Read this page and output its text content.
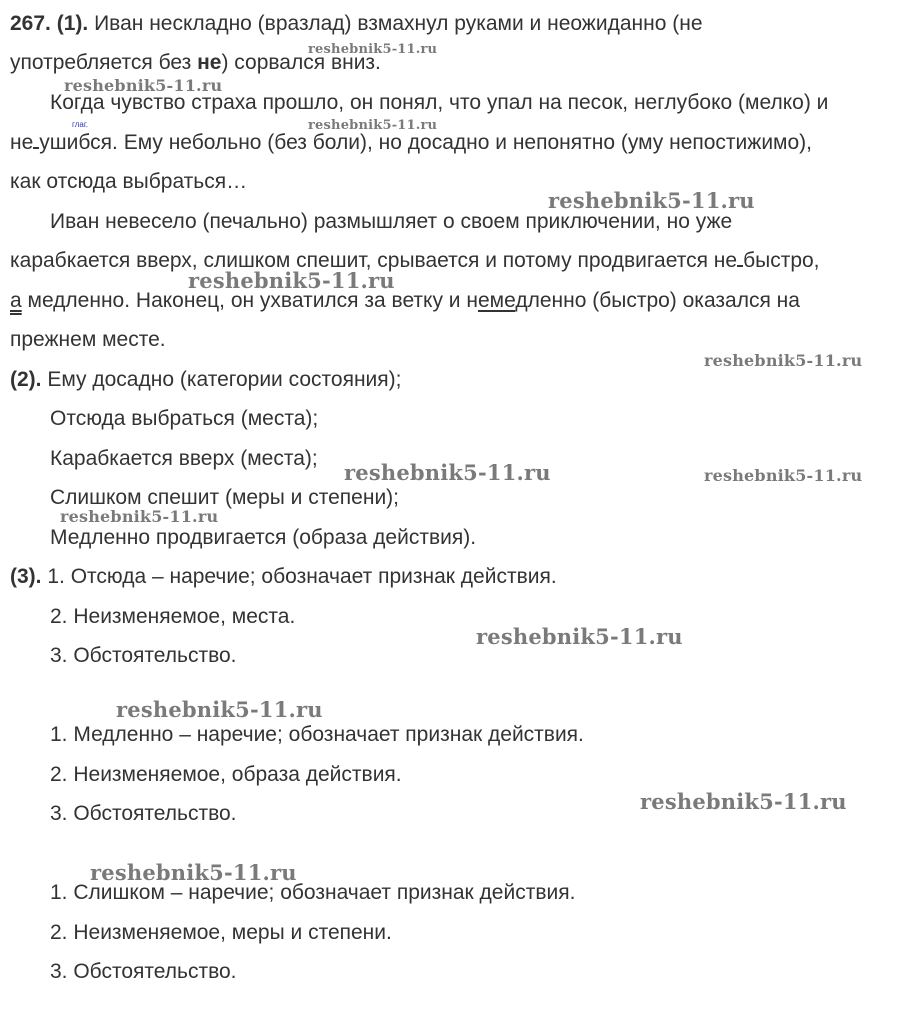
267. (1). Иван нескладно (вразлад) взмахнул руками и неожиданно (не
употребляется без не) сорвался вниз.
Когда чувство страха прошло, он понял, что упал на песок, неглубоко (мелко) и
глаг.
не ушибся. Ему небольно (без боли), но досадно и непонятно (уму непостижимо),
как отсюда выбраться…
Иван невесело (печально) размышляет о своем приключении, но уже
карабкается вверх, слишком спешит, срывается и потому продвигается не быстро,
а медленно. Наконец, он ухватился за ветку и немедленно (быстро) оказался на
прежнем месте.
(2). Ему досадно (категории состояния);
Отсюда выбраться (места);
Карабкается вверх (места);
Слишком спешит (меры и степени);
Медленно продвигается (образа действия).
(3). 1. Отсюда – наречие; обозначает признак действия.
2. Неизменяемое, места.
3. Обстоятельство.
1. Медленно – наречие; обозначает признак действия.
2. Неизменяемое, образа действия.
3. Обстоятельство.
1. Слишком – наречие; обозначает признак действия.
2. Неизменяемое, меры и степени.
3. Обстоятельство.
reshebnik5-11.ru
reshebnik5-11.ru
reshebnik5-11.ru
reshebnik5-11.ru
reshebnik5-11.ru
reshebnik5-11.ru
reshebnik5-11.ru	reshebnik5-11.ru
reshebnik5-11.ru
reshebnik5-11.ru
reshebnik5-11.ru
reshebnik5-11.ru
reshebnik5-11.ru
